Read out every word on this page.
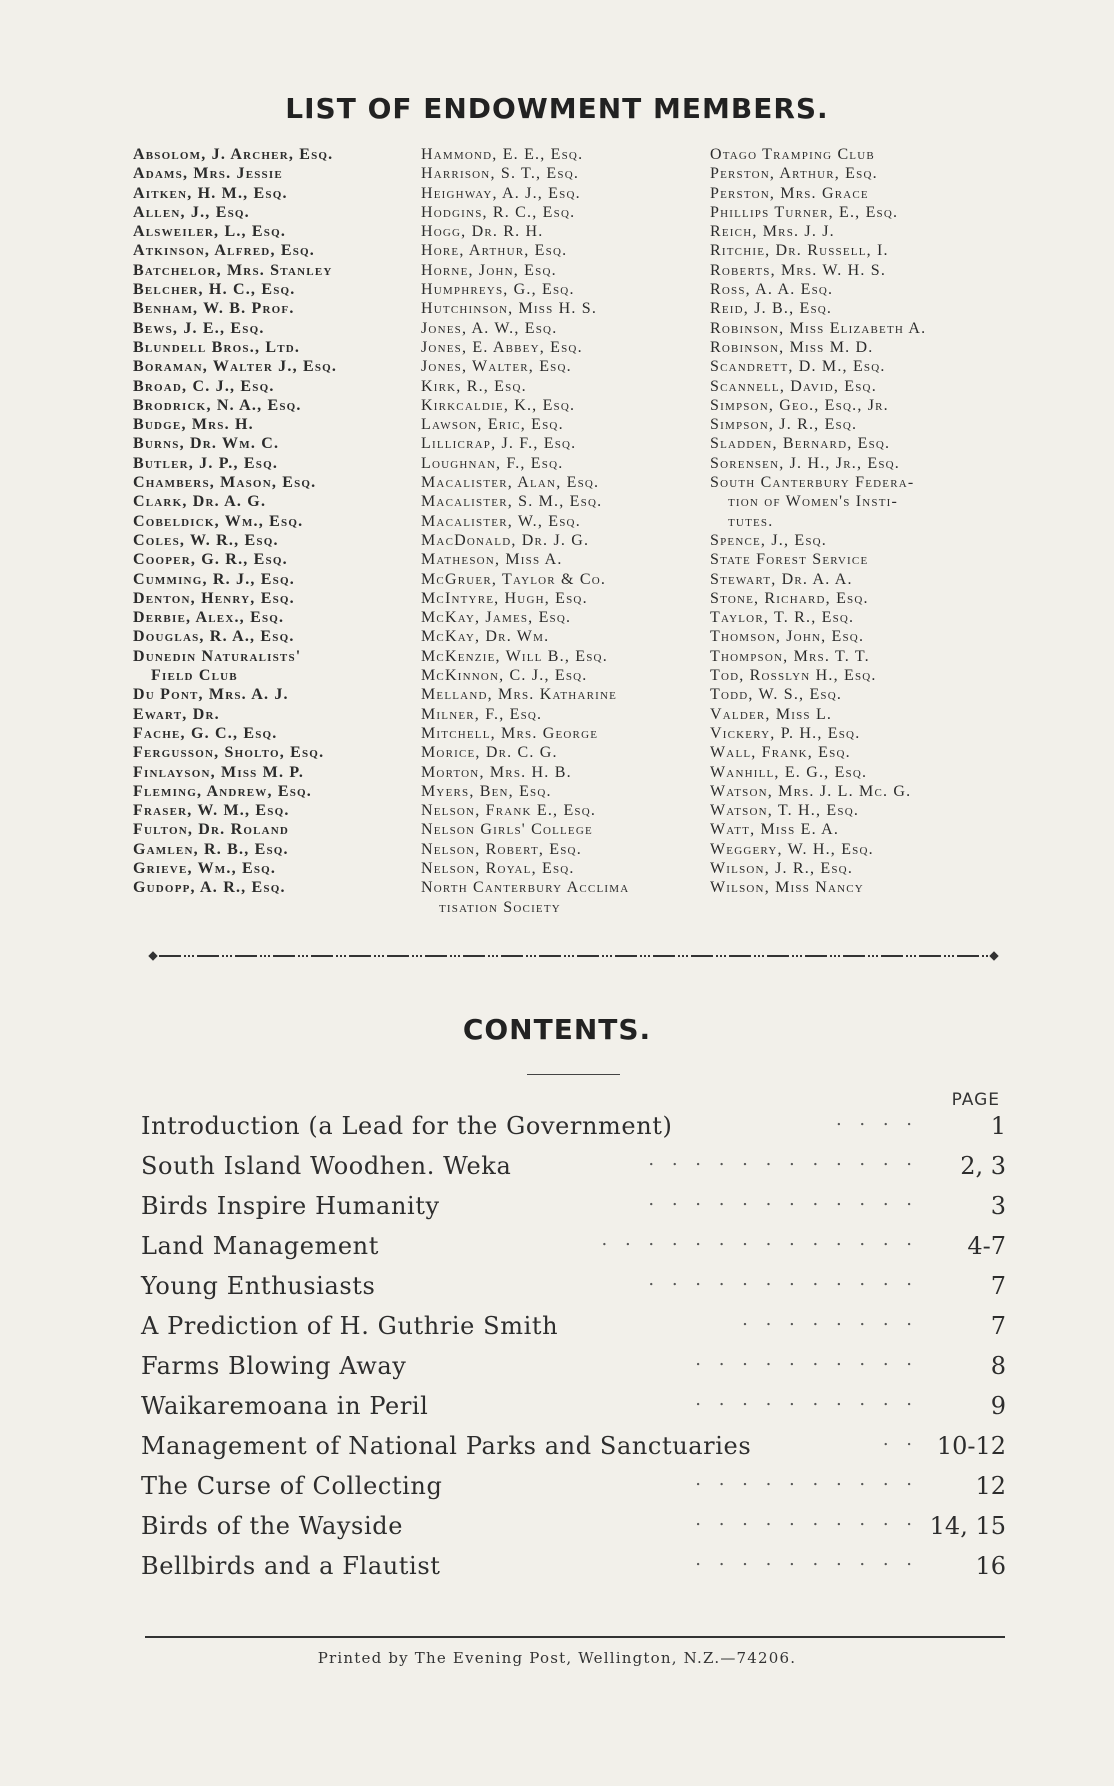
LIST OF ENDOWMENT MEMBERS.
Absolom, J. Archer, Esq.
Adams, Mrs. Jessie
Aitken, H. M., Esq.
Allen, J., Esq.
Alsweiler, L., Esq.
Atkinson, Alfred, Esq.
Batchelor, Mrs. Stanley
Belcher, H. C., Esq.
Benham, W. B. Prof.
Bews, J. E., Esq.
Blundell Bros., Ltd.
Boraman, Walter J., Esq.
Broad, C. J., Esq.
Brodrick, N. A., Esq.
Budge, Mrs. H.
Burns, Dr. Wm. C.
Butler, J. P., Esq.
Chambers, Mason, Esq.
Clark, Dr. A. G.
Cobeldick, Wm., Esq.
Coles, W. R., Esq.
Cooper, G. R., Esq.
Cumming, R. J., Esq.
Denton, Henry, Esq.
Derbie, Alex., Esq.
Douglas, R. A., Esq.
Dunedin Naturalists'
Field Club
Du Pont, Mrs. A. J.
Ewart, Dr.
Fache, G. C., Esq.
Fergusson, Sholto, Esq.
Finlayson, Miss M. P.
Fleming, Andrew, Esq.
Fraser, W. M., Esq.
Fulton, Dr. Roland
Gamlen, R. B., Esq.
Grieve, Wm., Esq.
Gudopp, A. R., Esq.
Hammond, E. E., Esq.
Harrison, S. T., Esq.
Heighway, A. J., Esq.
Hodgins, R. C., Esq.
Hogg, Dr. R. H.
Hore, Arthur, Esq.
Horne, John, Esq.
Humphreys, G., Esq.
Hutchinson, Miss H. S.
Jones, A. W., Esq.
Jones, E. Abbey, Esq.
Jones, Walter, Esq.
Kirk, R., Esq.
Kirkcaldie, K., Esq.
Lawson, Eric, Esq.
Lillicrap, J. F., Esq.
Loughnan, F., Esq.
Macalister, Alan, Esq.
Macalister, S. M., Esq.
Macalister, W., Esq.
MacDonald, Dr. J. G.
Matheson, Miss A.
McGruer, Taylor & Co.
McIntyre, Hugh, Esq.
McKay, James, Esq.
McKay, Dr. Wm.
McKenzie, Will B., Esq.
McKinnon, C. J., Esq.
Melland, Mrs. Katharine
Milner, F., Esq.
Mitchell, Mrs. George
Morice, Dr. C. G.
Morton, Mrs. H. B.
Myers, Ben, Esq.
Nelson, Frank E., Esq.
Nelson Girls' College
Nelson, Robert, Esq.
Nelson, Royal, Esq.
North Canterbury Acclima
tisation Society
Otago Tramping Club
Perston, Arthur, Esq.
Perston, Mrs. Grace
Phillips Turner, E., Esq.
Reich, Mrs. J. J.
Ritchie, Dr. Russell, I.
Roberts, Mrs. W. H. S.
Ross, A. A. Esq.
Reid, J. B., Esq.
Robinson, Miss Elizabeth A.
Robinson, Miss M. D.
Scandrett, D. M., Esq.
Scannell, David, Esq.
Simpson, Geo., Esq., Jr.
Simpson, J. R., Esq.
Sladden, Bernard, Esq.
Sorensen, J. H., Jr., Esq.
South Canterbury Federa-
tion of Women's Insti-
tutes.
Spence, J., Esq.
State Forest Service
Stewart, Dr. A. A.
Stone, Richard, Esq.
Taylor, T. R., Esq.
Thomson, John, Esq.
Thompson, Mrs. T. T.
Tod, Rosslyn H., Esq.
Todd, W. S., Esq.
Valder, Miss L.
Vickery, P. H., Esq.
Wall, Frank, Esq.
Wanhill, E. G., Esq.
Watson, Mrs. J. L. Mc. G.
Watson, T. H., Esq.
Watt, Miss E. A.
Weggery, W. H., Esq.
Wilson, J. R., Esq.
Wilson, Miss Nancy
CONTENTS.
PAGE
Introduction (a Lead for the Government)	. . . .	1
South Island Woodhen. Weka	. . . . . . . . . . . . 2, 3
Birds Inspire Humanity	. . . . . . . . . . . .	3
Land Management	. . . . . . . . . . . . . . 4-7
Young Enthusiasts	. . . . . . . . . . . .	7
A Prediction of H. Guthrie Smith	. . . . . . . .	7
Farms Blowing Away	. . . . . . . . . .	8
Waikaremoana in Peril	. . . . . . . . . .	9
Management of National Parks and Sanctuaries	. . 10-12
The Curse of Collecting	. . . . . . . . . . 12
Birds of the Wayside	. . . . . . . . . . 14, 15
Bellbirds and a Flautist	. . . . . . . . . . 16
Printed by The Evening Post, Wellington, N.Z.—74206.
